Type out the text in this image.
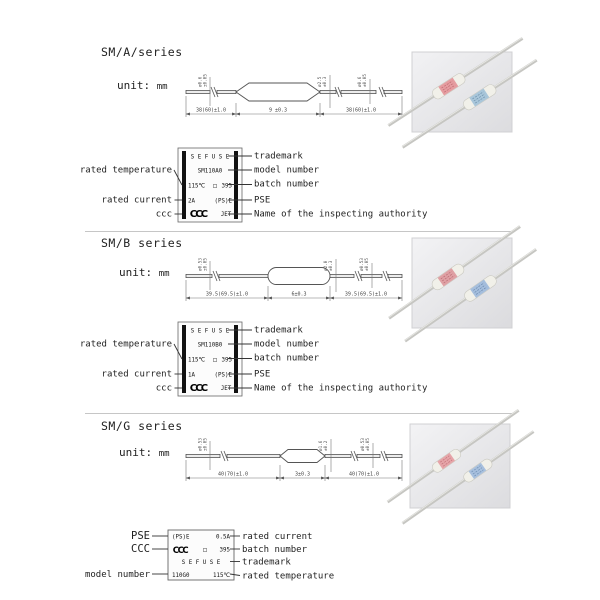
SM/A/series
unit: mm	ø0.6 ±0.05	ø2.5 ±0.3	ø0.6 ±0.05
38(60)±1.0	9 ±0.3	38(60)±1.0
S E F U S E
SM110A0
115℃ □ 395
2A	(PS)E
CCC JET
rated temperature
rated current
ccc
trademark
model number
batch number
PSE
Name of the inspecting authority
SM/B series
unit: mm
ø0.53 ±0.05	ø2.0 ±0.3	ø0.53 ±0.05
39.5(69.5)±1.0	6±0.3	39.5(69.5)±1.0
S E F U S E
SM110B0
115℃ □ 395
1A	(PS)E
CCC JET
rated temperature
rated current
ccc
trademark
model number
batch number
PSE
Name of the inspecting authority
SM/G series
unit: mm
ø0.53 ±0.05	ø1.6 ±0.2	ø0.53 ±0.05
40(70)±1.0	3±0.3	40(70)±1.0
(PS)E	0.5A
CCC	□ 395
S E F U S E
110G0	115℃
PSE
CCC
model number
rated current
batch number
trademark
rated temperature
